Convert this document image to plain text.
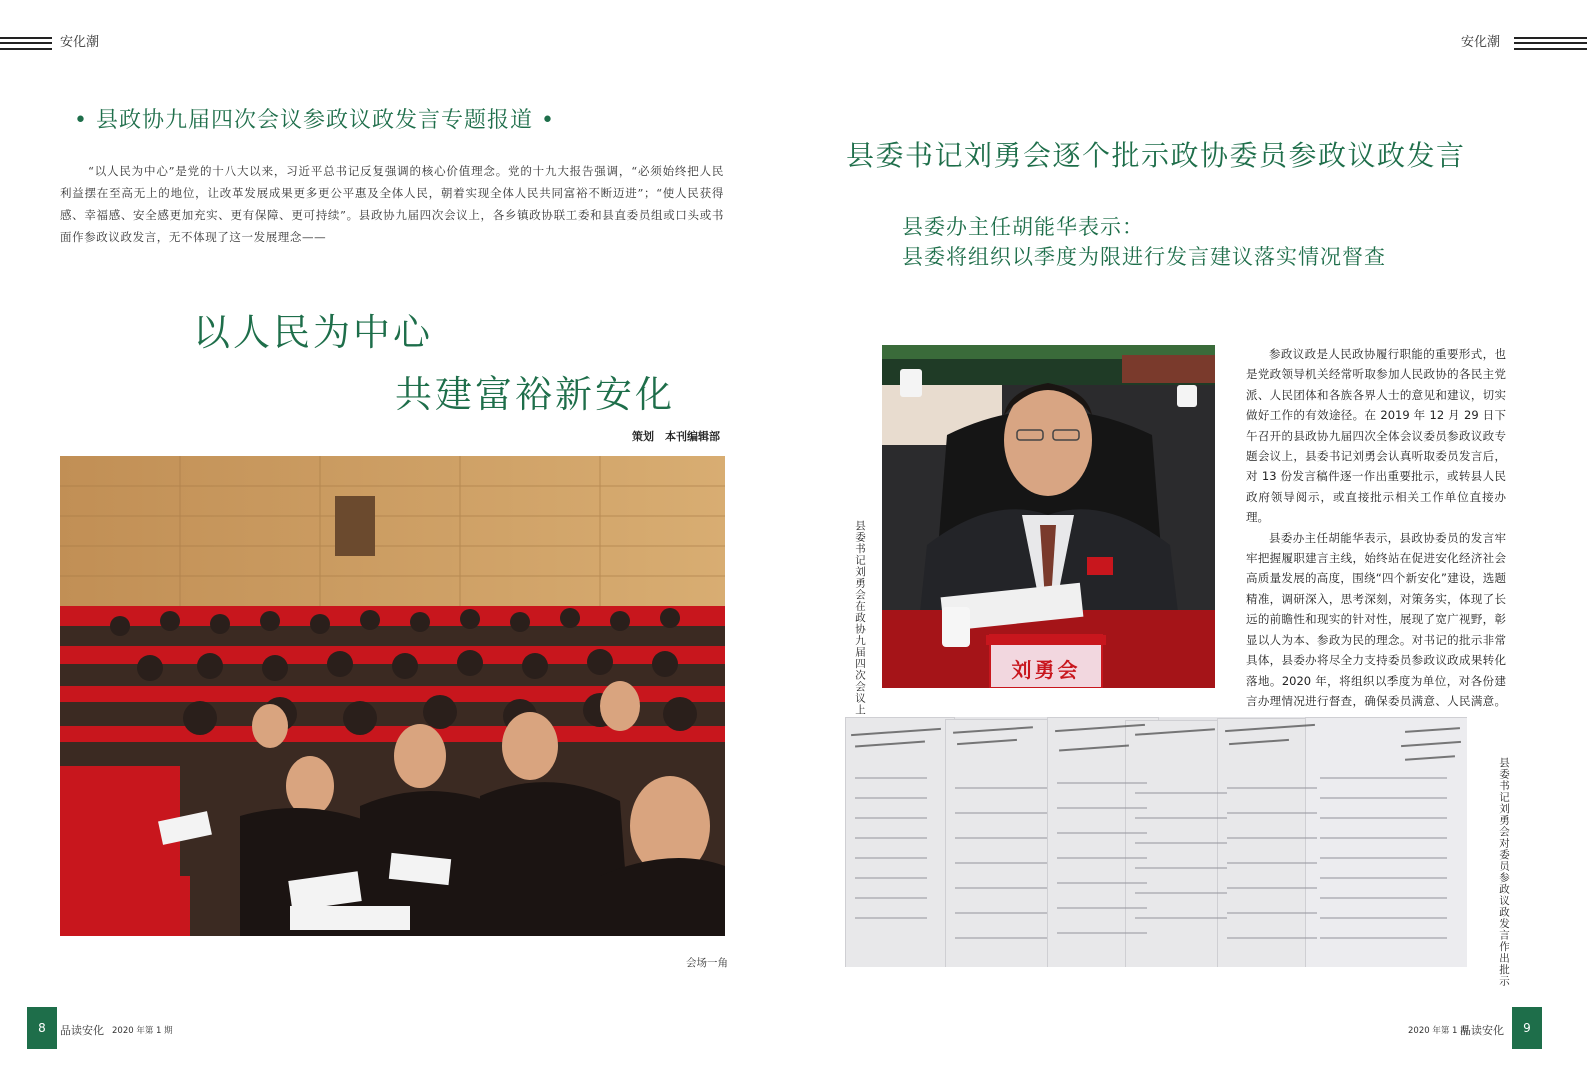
安化潮	安化潮
• 县政协九届四次会议参政议政发言专题报道 •
“以人民为中心”是党的十八大以来，习近平总书记反复强调的核心价值理念。党的十九大报告强调，“必须始终把人民利益摆在至高无上的地位，让改革发展成果更多更公平惠及全体人民，朝着实现全体人民共同富裕不断迈进”；“使人民获得感、幸福感、安全感更加充实、更有保障、更可持续”。县政协九届四次会议上，各乡镇政协联工委和县直委员组或口头或书面作参政议政发言，无不体现了这一发展理念——
以人民为中心
共建富裕新安化
策划　本刊编辑部
会场一角
县委书记刘勇会逐个批示政协委员参政议政发言
县委办主任胡能华表示：
县委将组织以季度为限进行发言建议落实情况督查
县委书记刘勇会在政协九届四次会议上	刘勇会
参政议政是人民政协履行职能的重要形式，也是党政领导机关经常听取参加人民政协的各民主党派、人民团体和各族各界人士的意见和建议，切实做好工作的有效途径。在 2019 年 12 月 29 日下午召开的县政协九届四次全体会议委员参政议政专题会议上，县委书记刘勇会认真听取委员发言后，对 13 份发言稿件逐一作出重要批示，或转县人民政府领导阅示，或直接批示相关工作单位直接办理。
县委办主任胡能华表示，县政协委员的发言牢牢把握履职建言主线，始终站在促进安化经济社会高质量发展的高度，围绕“四个新安化”建设，选题精准，调研深入，思考深刻，对策务实，体现了长远的前瞻性和现实的针对性，展现了宽广视野，彰显以人为本、参政为民的理念。对书记的批示非常具体，县委办将尽全力支持委员参政议政成果转化落地。2020 年，将组织以季度为单位，对各份建言办理情况进行督查，确保委员满意、人民满意。
县委书记刘勇会对委员参政议政发言作出批示
8	品读安化 2020 年第 1 期	2020 年第 1 期
品读安化	9
